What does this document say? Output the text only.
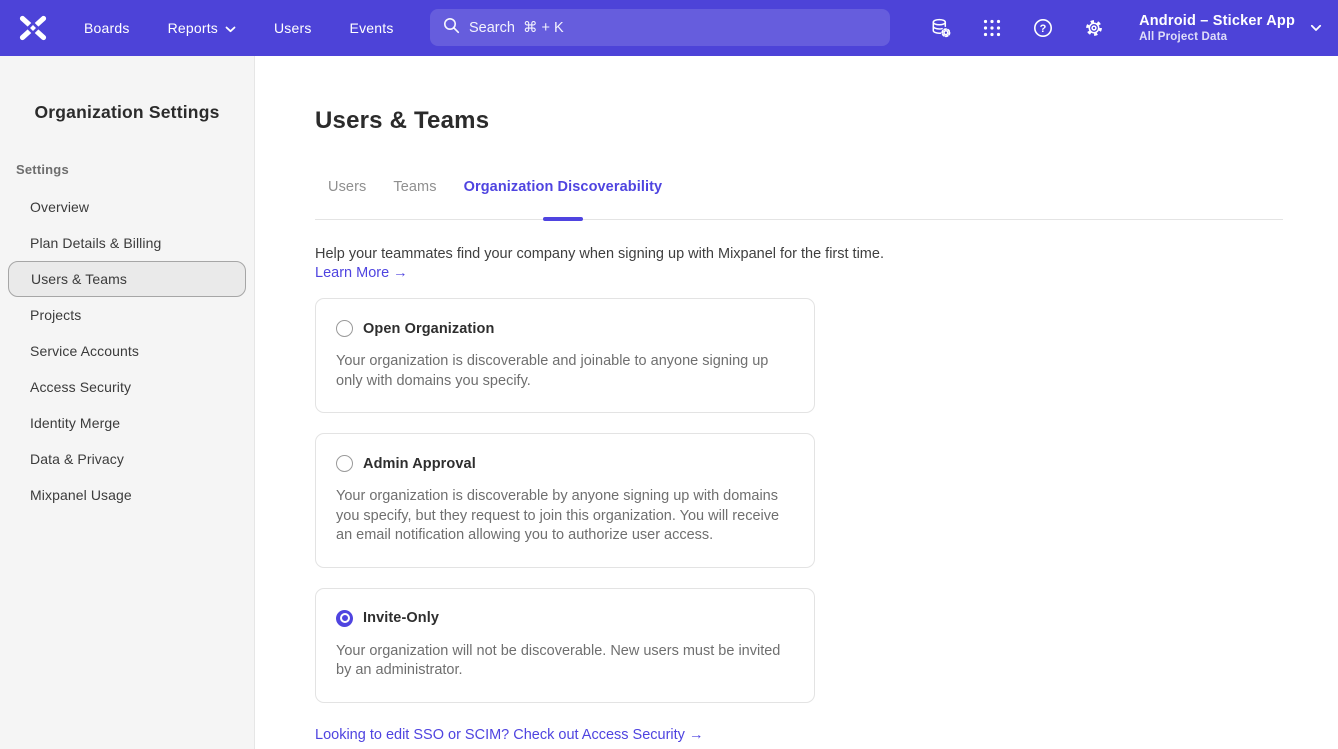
Boards	Reports	Users	Events
Search ⌘ + K	?
Android – Sticker App
All Project Data
Organization Settings
Settings
Overview
Plan Details & Billing
Users & Teams
Projects
Service Accounts
Access Security
Identity Merge
Data & Privacy
Mixpanel Usage
Users & Teams
Users Teams Organization Discoverability

Help your teammates find your company when signing up with Mixpanel for the first time.

Learn More →
Open Organization

Your organization is discoverable and joinable to anyone signing up only with domains you specify.

Admin Approval

Your organization is discoverable by anyone signing up with domains you specify, but they request to join this organization. You will receive an email notification allowing you to authorize user access.

Invite-Only

Your organization will not be discoverable. New users must be invited by an administrator.

Looking to edit SSO or SCIM? Check out Access Security →
